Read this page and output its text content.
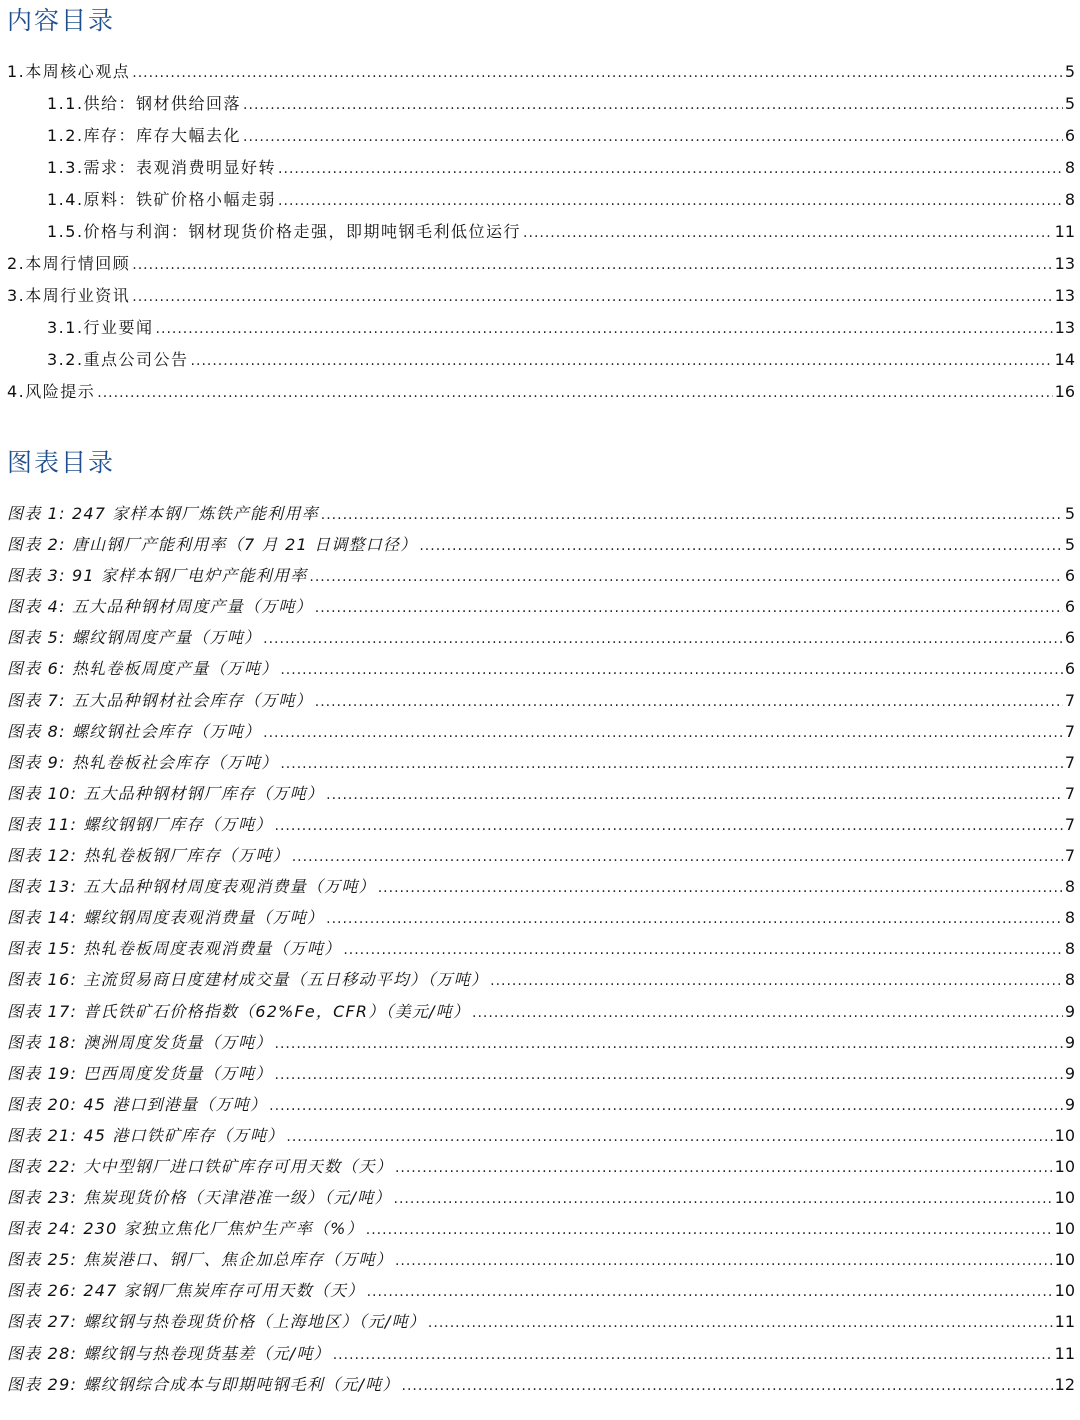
内容目录
1.本周核心观点 .....	5
1.1.供给：钢材供给回落 .....	5
1.2.库存：库存大幅去化 .....	6
1.3.需求：表观消费明显好转 .....	8
1.4.原料：铁矿价格小幅走弱 .....	8
1.5.价格与利润：钢材现货价格走强，即期吨钢毛利低位运行 .....	11
2.本周行情回顾 .....	13
3.本周行业资讯 .....	13
3.1.行业要闻 .....	13
3.2.重点公司公告 .....	14
4.风险提示 .....	16
图表目录
图表 1: 247 家样本钢厂炼铁产能利用率 .....	5
图表 2: 唐山钢厂产能利用率（7 月 21 日调整口径） .....	5
图表 3: 91 家样本钢厂电炉产能利用率 .....	6
图表 4: 五大品种钢材周度产量（万吨） .....	6
图表 5: 螺纹钢周度产量（万吨） .....	6
图表 6: 热轧卷板周度产量（万吨） .....	6
图表 7: 五大品种钢材社会库存（万吨） .....	7
图表 8: 螺纹钢社会库存（万吨） .....	7
图表 9: 热轧卷板社会库存（万吨） .....	7
图表 10: 五大品种钢材钢厂库存（万吨） .....	7
图表 11: 螺纹钢钢厂库存（万吨） .....	7
图表 12: 热轧卷板钢厂库存（万吨） .....	7
图表 13: 五大品种钢材周度表观消费量（万吨） .....	8
图表 14: 螺纹钢周度表观消费量（万吨） .....	8
图表 15: 热轧卷板周度表观消费量（万吨） .....	8
图表 16: 主流贸易商日度建材成交量（五日移动平均）（万吨） .....	8
图表 17: 普氏铁矿石价格指数（62%Fe，CFR）（美元/吨） .....	9
图表 18: 澳洲周度发货量（万吨） .....	9
图表 19: 巴西周度发货量（万吨） .....	9
图表 20: 45 港口到港量（万吨） .....	9
图表 21: 45 港口铁矿库存（万吨） .....	10
图表 22: 大中型钢厂进口铁矿库存可用天数（天） .....	10
图表 23: 焦炭现货价格（天津港准一级）（元/吨） .....	10
图表 24: 230 家独立焦化厂焦炉生产率（%） .....	10
图表 25: 焦炭港口、钢厂、焦企加总库存（万吨） .....	10
图表 26: 247 家钢厂焦炭库存可用天数（天） .....	10
图表 27: 螺纹钢与热卷现货价格（上海地区）（元/吨） .....	11
图表 28: 螺纹钢与热卷现货基差（元/吨） .....	11
图表 29: 螺纹钢综合成本与即期吨钢毛利（元/吨） .....	12
